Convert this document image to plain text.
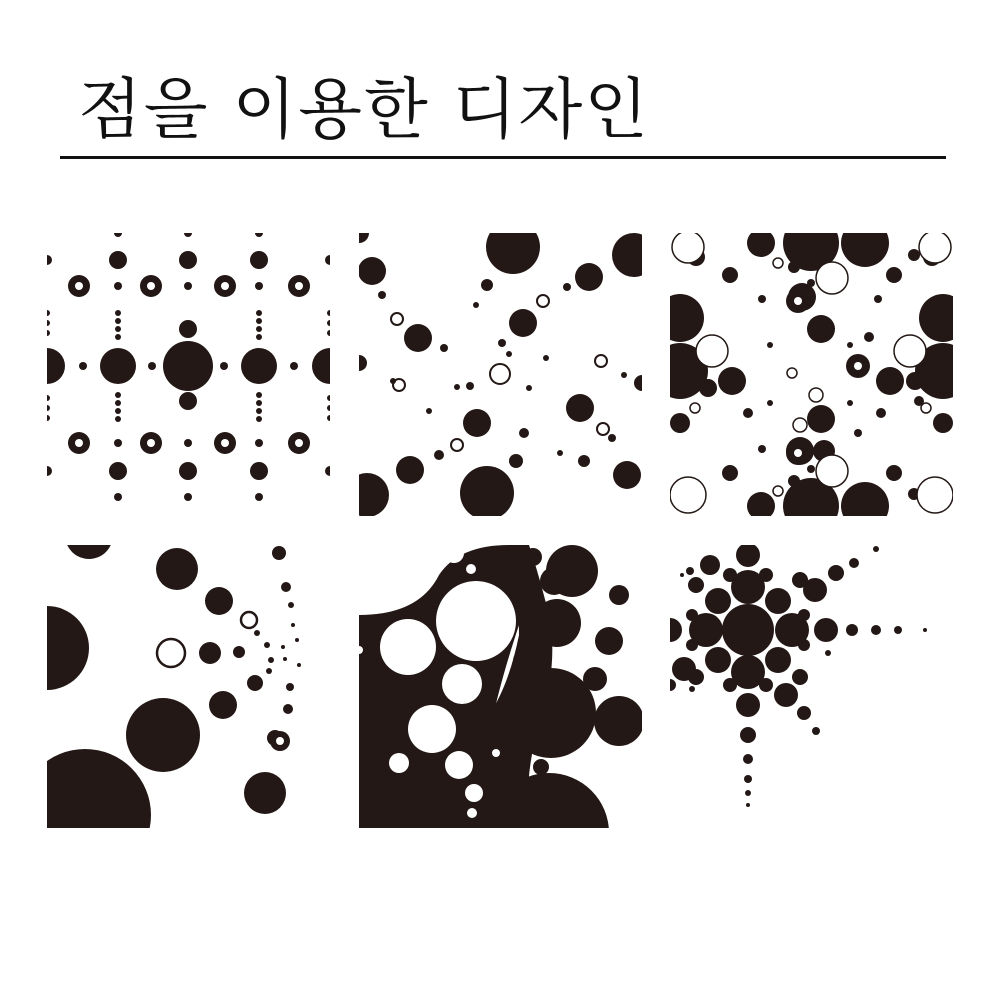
점을 이용한 디자인
